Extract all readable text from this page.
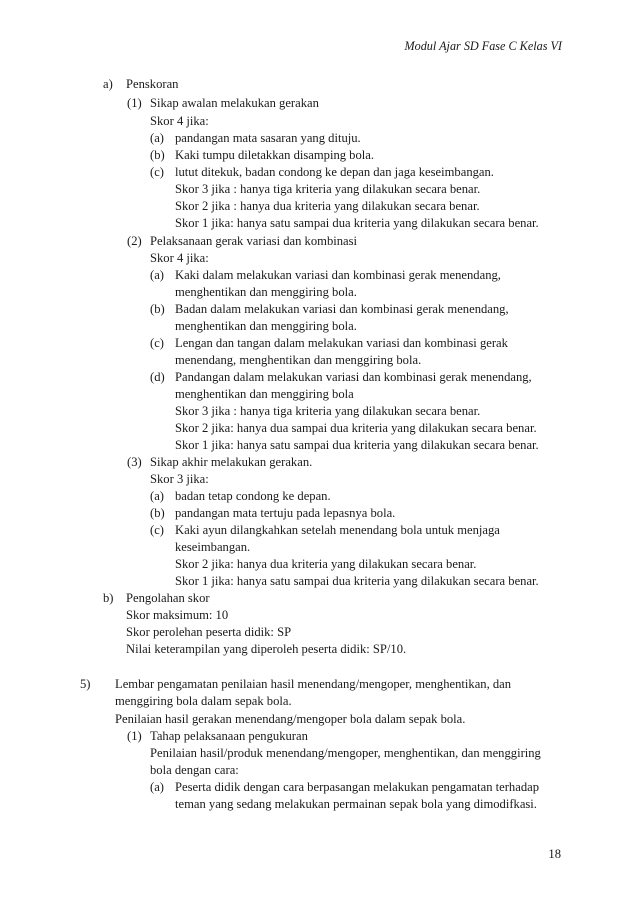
Modul Ajar SD Fase C Kelas VI
a) Penskoran
(1) Sikap awalan melakukan gerakan
Skor 4 jika:
(a) pandangan mata sasaran yang dituju.
(b) Kaki tumpu diletakkan disamping bola.
(c) lutut ditekuk, badan condong ke depan dan jaga keseimbangan.
Skor 3 jika : hanya tiga kriteria yang dilakukan secara benar.
Skor 2 jika : hanya dua kriteria yang dilakukan secara benar.
Skor 1 jika: hanya satu sampai dua kriteria yang dilakukan secara benar.
(2) Pelaksanaan gerak variasi dan kombinasi
Skor 4 jika:
(a) Kaki dalam melakukan variasi dan kombinasi gerak menendang,
menghentikan dan menggiring bola.
(b) Badan dalam melakukan variasi dan kombinasi gerak menendang,
menghentikan dan menggiring bola.
(c) Lengan dan tangan dalam melakukan variasi dan kombinasi gerak
menendang, menghentikan dan menggiring bola.
(d) Pandangan dalam melakukan variasi dan kombinasi gerak menendang,
menghentikan dan menggiring bola
Skor 3 jika : hanya tiga kriteria yang dilakukan secara benar.
Skor 2 jika: hanya dua sampai dua kriteria yang dilakukan secara benar.
Skor 1 jika: hanya satu sampai dua kriteria yang dilakukan secara benar.
(3) Sikap akhir melakukan gerakan.
Skor 3 jika:
(a) badan tetap condong ke depan.
(b) pandangan mata tertuju pada lepasnya bola.
(c) Kaki ayun dilangkahkan setelah menendang bola untuk menjaga
keseimbangan.
Skor 2 jika: hanya dua kriteria yang dilakukan secara benar.
Skor 1 jika: hanya satu sampai dua kriteria yang dilakukan secara benar.
b) Pengolahan skor
Skor maksimum: 10
Skor perolehan peserta didik: SP
Nilai keterampilan yang diperoleh peserta didik: SP/10.
5) Lembar pengamatan penilaian hasil menendang/mengoper, menghentikan, dan
menggiring bola dalam sepak bola.
Penilaian hasil gerakan menendang/mengoper bola dalam sepak bola.
(1) Tahap pelaksanaan pengukuran
Penilaian hasil/produk menendang/mengoper, menghentikan, dan menggiring
bola dengan cara:
(a) Peserta didik dengan cara berpasangan melakukan pengamatan terhadap
teman yang sedang melakukan permainan sepak bola yang dimodifkasi.
18
